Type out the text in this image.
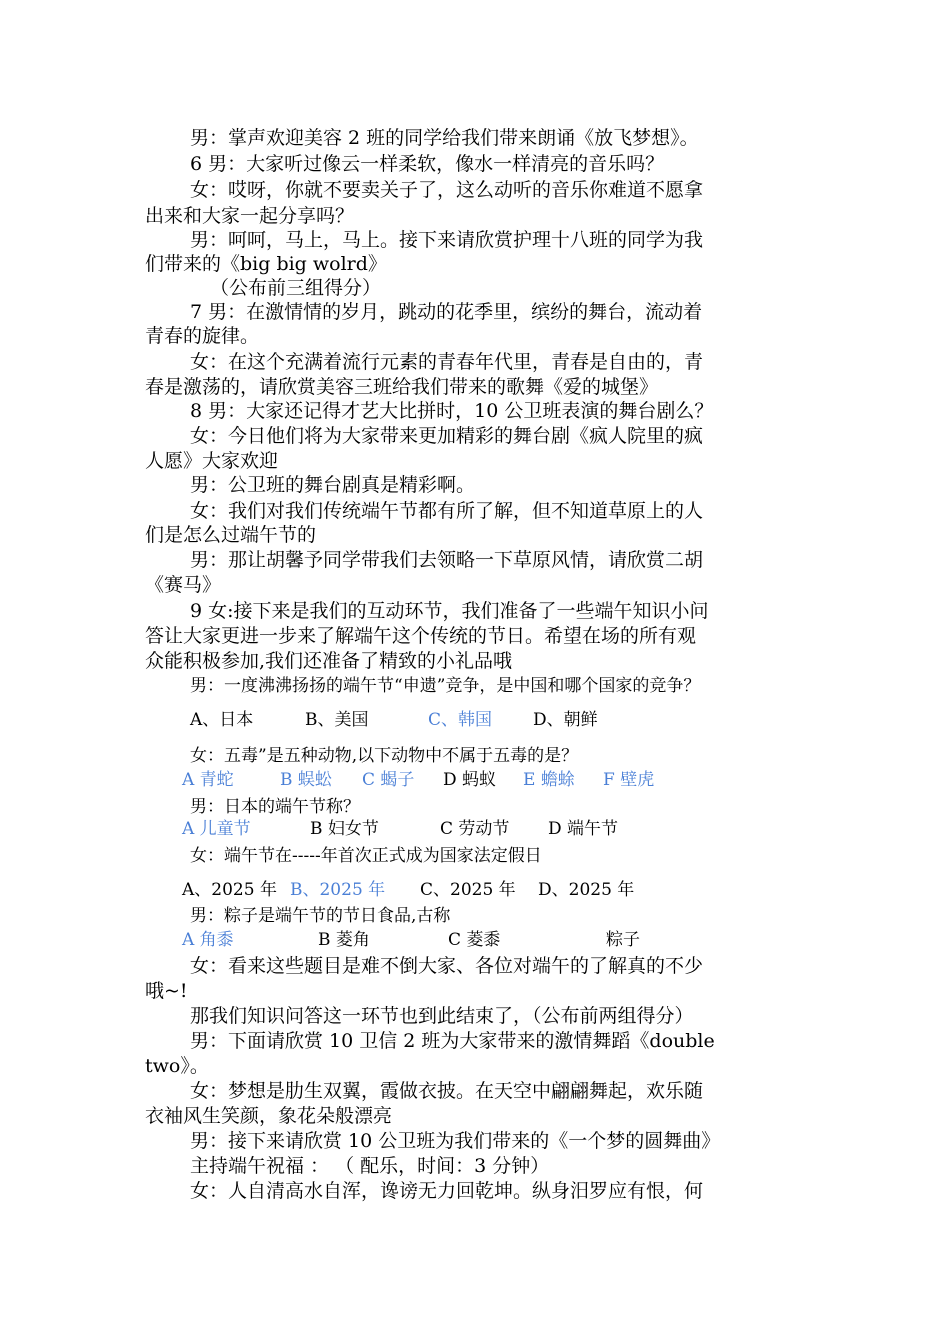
男：掌声欢迎美容 2 班的同学给我们带来朗诵《放飞梦想》。
6 男：大家听过像云一样柔软，像水一样清亮的音乐吗？
女：哎呀，你就不要卖关子了，这么动听的音乐你难道不愿拿
出来和大家一起分享吗？
男：呵呵，马上，马上。接下来请欣赏护理十八班的同学为我
们带来的《big big wolrd》
（公布前三组得分）
7 男：在激情情的岁月，跳动的花季里，缤纷的舞台，流动着
青春的旋律。
女：在这个充满着流行元素的青春年代里，青春是自由的，青
春是激荡的，请欣赏美容三班给我们带来的歌舞《爱的城堡》
8 男：大家还记得才艺大比拼时，10 公卫班表演的舞台剧么？
女：今日他们将为大家带来更加精彩的舞台剧《疯人院里的疯
人愿》大家欢迎
男：公卫班的舞台剧真是精彩啊。
女：我们对我们传统端午节都有所了解，但不知道草原上的人
们是怎么过端午节的
男：那让胡馨予同学带我们去领略一下草原风情，请欣赏二胡
《赛马》
9 女:接下来是我们的互动环节，我们准备了一些端午知识小问
答让大家更进一步来了解端午这个传统的节日。希望在场的所有观
众能积极参加,我们还准备了精致的小礼品哦
男：一度沸沸扬扬的端午节“申遗”竞争，是中国和哪个国家的竞争？
A、日本	B、美国	C、韩国 D、朝鲜
女：五毒”是五种动物,以下动物中不属于五毒的是？
A 青蛇	B 蜈蚣 C 蝎子 D 蚂蚁 E 蟾蜍 F 壁虎
男：日本的端午节称？
A 儿童节	B 妇女节	C 劳动节 D 端午节
女：端午节在-----年首次正式成为国家法定假日
A、2025 年 B、2025 年 C、2025 年 D、2025 年
男：粽子是端午节的节日食品,古称
A 角黍	B 菱角	C 菱黍	粽子
女：看来这些题目是难不倒大家、各位对端午的了解真的不少
哦~!
那我们知识问答这一环节也到此结束了，（公布前两组得分）
男：下面请欣赏 10 卫信 2 班为大家带来的激情舞蹈《double
two》。
女：梦想是肋生双翼，霞做衣披。在天空中翩翩舞起，欢乐随
衣袖风生笑颜，象花朵般漂亮
男：接下来请欣赏 10 公卫班为我们带来的《一个梦的圆舞曲》
主持端午祝福 ： （ 配乐，时间：3 分钟）
女：人自清高水自浑，谗谤无力回乾坤。纵身汨罗应有恨，何
